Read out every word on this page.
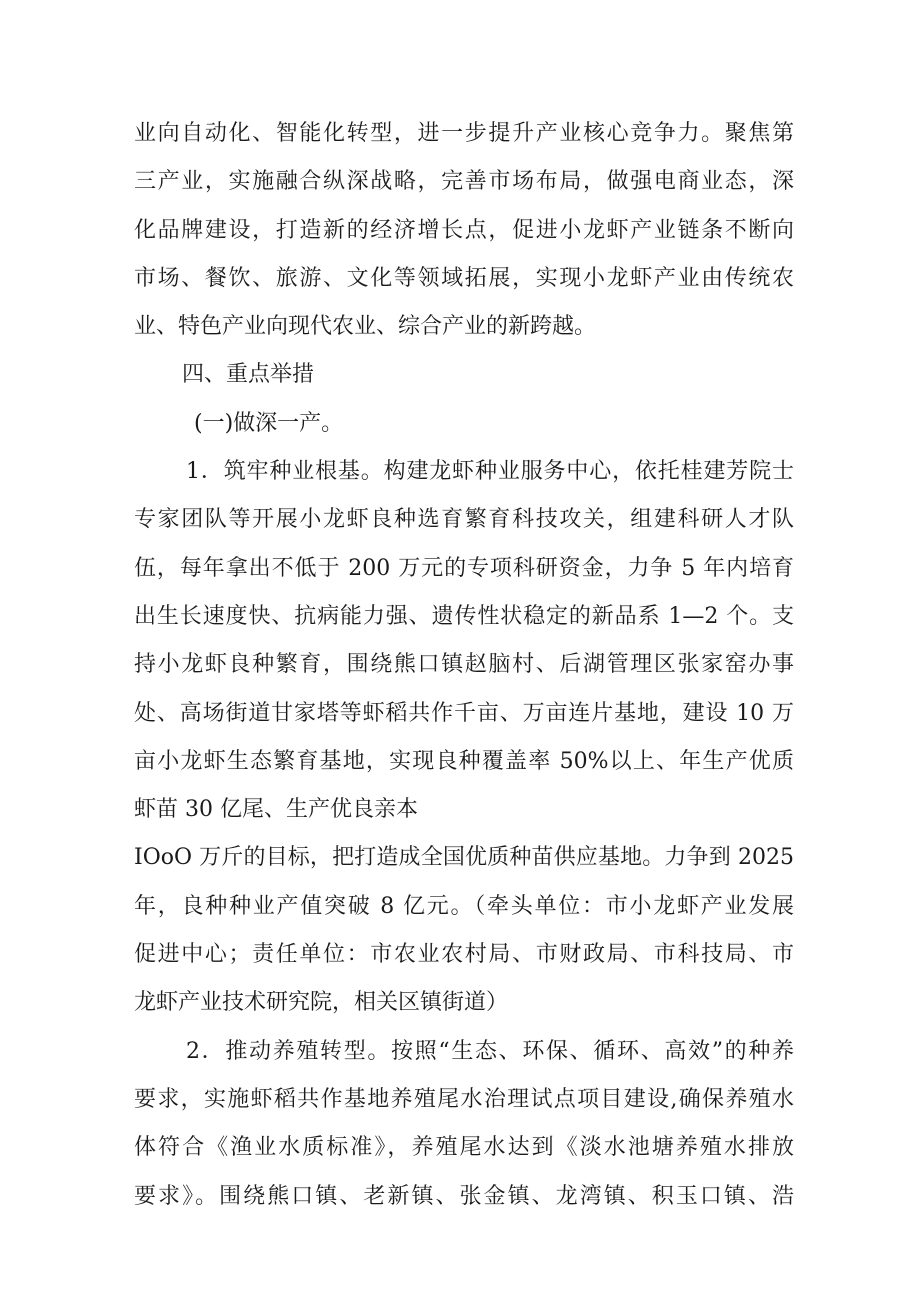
业向自动化、智能化转型，进一步提升产业核心竞争力。聚焦第
三产业，实施融合纵深战略，完善市场布局，做强电商业态，深
化品牌建设，打造新的经济增长点，促进小龙虾产业链条不断向
市场、餐饮、旅游、文化等领域拓展，实现小龙虾产业由传统农
业、特色产业向现代农业、综合产业的新跨越。
四、重点举措
(一)做深一产。
1．筑牢种业根基。构建龙虾种业服务中心，依托桂建芳院士
专家团队等开展小龙虾良种选育繁育科技攻关，组建科研人才队
伍，每年拿出不低于 200 万元的专项科研资金，力争 5 年内培育
出生长速度快、抗病能力强、遗传性状稳定的新品系 1—2 个。支
持小龙虾良种繁育，围绕熊口镇赵脑村、后湖管理区张家窑办事
处、高场街道甘家塔等虾稻共作千亩、万亩连片基地，建设 10 万
亩小龙虾生态繁育基地，实现良种覆盖率 50%以上、年生产优质
虾苗 30 亿尾、生产优良亲本
IOoO 万斤的目标，把打造成全国优质种苗供应基地。力争到 2025
年，良种种业产值突破 8 亿元。（牵头单位：市小龙虾产业发展
促进中心；责任单位：市农业农村局、市财政局、市科技局、市
龙虾产业技术研究院，相关区镇街道）
2．推动养殖转型。按照“生态、环保、循环、高效”的种养
要求，实施虾稻共作基地养殖尾水治理试点项目建设,确保养殖水
体符合《渔业水质标准》，养殖尾水达到《淡水池塘养殖水排放
要求》。围绕熊口镇、老新镇、张金镇、龙湾镇、积玉口镇、浩
